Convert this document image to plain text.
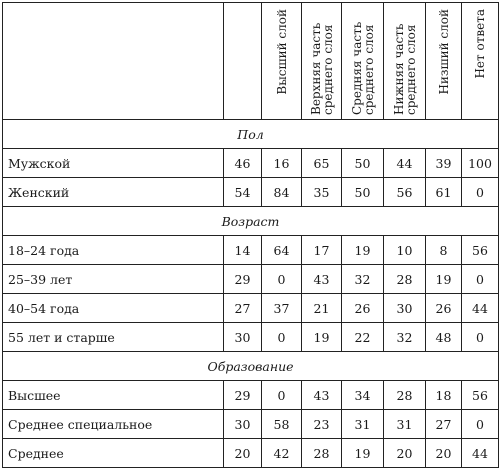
		Высший слой	Верхняя часть среднего слоя	Средняя часть среднего слоя	Нижняя часть среднего слоя	Низший слой	Нет ответа
Пол							
Мужской	46	16	65	50	44	39	100
Женский	54	84	35	50	56	61	0
Возраст							
18–24 года	14	64	17	19	10	8	56
25–39 лет	29	0	43	32	28	19	0
40–54 года	27	37	21	26	30	26	44
55 лет и старше	30	0	19	22	32	48	0
Образование							
Высшее	29	0	43	34	28	18	56
Среднее специальное	30	58	23	31	31	27	0
Среднее	20	42	28	19	20	20	44
